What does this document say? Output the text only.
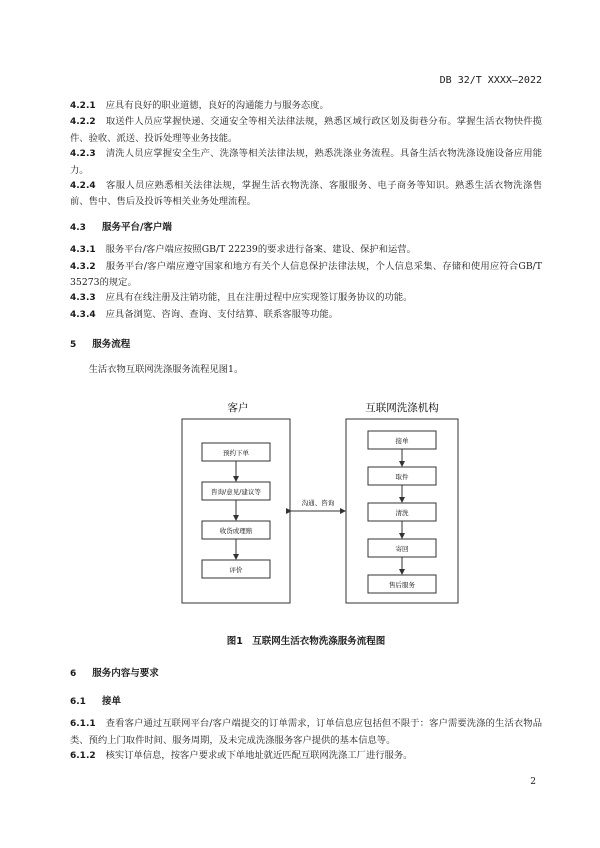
DB 32/T XXXX—2022

4.2.1 应具有良好的职业道德，良好的沟通能力与服务态度。

4.2.2 取送件人员应掌握快递、交通安全等相关法律法规，熟悉区域行政区划及街巷分布。掌握生活衣物快件揽件、验收、派送、投诉处理等业务技能。

4.2.3 清洗人员应掌握安全生产、洗涤等相关法律法规，熟悉洗涤业务流程。具备生活衣物洗涤设施设备应用能力。

4.2.4 客服人员应熟悉相关法律法规，掌握生活衣物洗涤、客服服务、电子商务等知识。熟悉生活衣物洗涤售前、售中、售后及投诉等相关业务处理流程。

4.3 服务平台/客户端

4.3.1 服务平台/客户端应按照GB/T 22239的要求进行备案、建设、保护和运营。

4.3.2 服务平台/客户端应遵守国家和地方有关个人信息保护法律法规，个人信息采集、存储和使用应符合GB/T 35273的规定。

4.3.3 应具有在线注册及注销功能，且在注册过程中应实现签订服务协议的功能。

4.3.4 应具备浏览、咨询、查询、支付结算、联系客服等功能。

5 服务流程

生活衣物互联网洗涤服务流程见图1。

客户	互联网洗涤机构
沟通、咨询
预约下单
咨询/意见/建议等
收货或理赔
评价
接单
取件
清洗
寄回
售后服务

图1　互联网生活衣物洗涤服务流程图

6 服务内容与要求

6.1 接单

6.1.1 查看客户通过互联网平台/客户端提交的订单需求，订单信息应包括但不限于：客户需要洗涤的生活衣物品类、预约上门取件时间、服务周期，及未完成洗涤服务客户提供的基本信息等。

6.1.2 核实订单信息，按客户要求或下单地址就近匹配互联网洗涤工厂进行服务。

2
